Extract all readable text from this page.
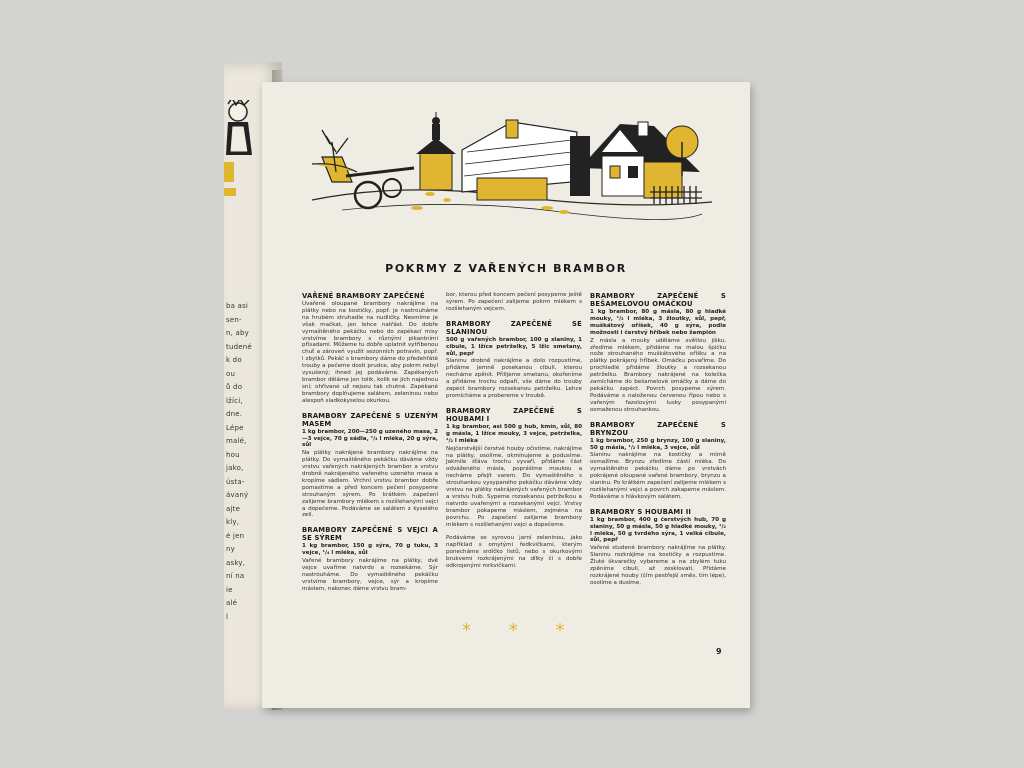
ba asi
sen-
n, aby
tudené
k do
ou
ů do
lžíci,
dne.
Lépe
malé,
hou
jako,
ústa-
ávaný
ajte
kly,
é jen
ny
asky,
ní na
ie
alé
l
POKRMY Z VAŘENÝCH BRAMBOR
VAŘENÉ BRAMBORY ZAPEČENÉ

Uvařené oloupané brambory nakrájíme na plátky nebo na kostičky, popř. je nastrouháme na hrubém struhadle na nudličky. Nesmíme je však mačkat, jen lehce natřást. Do dobře vymaštěného pekáčku nebo do zapékací misy vrstvíme brambory s různými pikantními přísadami. Můžeme tu dobře uplatnit vytříbenou chuť a zároveň využít sezonních potravin, popř. i zbytků. Pekáč s brambory dáme do předehřáté trouby a pečeme dosti prudce, aby pokrm nebyl vysušený; ihned jej podáváme. Zapékaných brambor děláme jen tolik, kolik se jich najednou sní; ohřívané už nejsou tak chutné. Zapékané brambory doplňujeme salátem, zeleninou nebo alespoň sladkokyselou okurkou.

BRAMBORY ZAPEČENÉ S UZENÝM MASEM

1 kg brambor, 200—250 g uzeného masa, 2—3 vejce, 70 g sádla, ¹/₄ l mléka, 20 g sýra, sůl

Na plátky nakrájené brambory nakrájíme na plátky. Do vymaštěného pekáčku dáváme vždy vrstvu vařených nakrájených brambor a vrstvu drobně nakrájeného vařeného uzeného masa a kropíme sádlem. Vrchní vrstvu brambor dobře pomastíme a před koncem pečení posypeme strouhaným sýrem. Po krátkém zapečení zalijeme brambory mlékem s rozšlehanými vejci a dopečeme. Podáváme se salátem z kyselého zelí.

BRAMBORY ZAPEČENÉ S VEJCI A SE SÝREM

1 kg brambor, 150 g sýra, 70 g tuku, 3 vejce, ¹/₄ l mléka, sůl

Vařené brambory nakrájíme na plátky, dvě vejce uvaříme natvrdo a rozsekáme. Sýr nastrouháme. Do vymaštěného pekáčku vrstvíme brambory, vejce, sýr a kropíme máslem, nakonec dáme vrstvu bram-

bor, kterou před koncem pečení posypeme ještě sýrem. Po zapečení zalijeme pokrm mlékem s rozšlehaným vejcem.

BRAMBORY ZAPEČENÉ SE SLANINOU

500 g vařených brambor, 100 g slaniny, 1 cibule, 1 lžíce petrželky, 5 lžic smetany, sůl, pepř

Slaninu drobně nakrájíme a dolo rozpustíme, přidáme jemně posekanou cibuli, kterou necháme zpěnit. Přilijeme smetanu, okořeníme a přidáme trochu odpaří, vše dáme do trouby zapéct brambory rozsekanou petrželku. Lehce promícháme a probereme v troubě.

BRAMBORY ZAPEČENÉ S HOUBAMI I

1 kg brambor, asi 500 g hub, kmín, sůl, 80 g másla, 1 lžíce mouky, 3 vejce, petrželka, ¹/₂ l mléka

Nejčerstvější čerstvé houby očistíme, nakrájíme na plátky, osolíme, okmínujeme a podusíme. Jakmile šťáva trochu vyvaří, přidáme část odváženého másla, poprášíme moukou a necháme přejít varem. Do vymaštěného s strouhankou vysypaného pekáčku dáváme vždy vrstvu na plátky nakrájených vařených brambor a vrstvu hub. Sypeme rozsekanou petrželkou a natvrdo uvařenými a rozsekanými vejci. Vrstvy brambor pokapeme máslem, zejména na povrchu. Po zapečení zalijeme brambory mlékem s rozšlehanými vejci a dopečeme.

Podáváme se syrovou jarní zeleninou, jako například s omytými ředkvičkami, kterým ponecháme srdíčko listů, nebo s okurkovými brukvemi rozkrájenými na dílky či s dobře odkrojenými mrkvičkami.

BRAMBORY ZAPEČENÉ S BEŠAMELOVOU OMÁČKOU

1 kg brambor, 80 g másla, 80 g hladké mouky, ¹/₂ l mléka, 3 žloutky, sůl, pepř, muškátový oříšek, 40 g sýra, podle možnosti i čerstvý hříbek nebo žampión

Z másla a mouky uděláme světlou jíšku, zředíme mlékem, přidáme na malou špičku nože strouhaného muškátového oříšku a na plátky pokrájený hříbek. Omáčku povaříme. Do prochladlé přidáme žloutky a rozsekanou petrželku. Brambory nakrájené na kolečka zamícháme do bešamelové omáčky a dáme do pekáčku zapéct. Povrch posypeme sýrem. Podáváme s naloženou červenou řípou nebo s vařeným fazolovými lusky posypanými osmaženou strouhankou.

BRAMBORY ZAPEČENÉ S BRYNZOU

1 kg brambor, 250 g brynzy, 100 g slaniny, 50 g másla, ¹/₂ l mléka, 3 vejce, sůl

Slaninu nakrájíme na kostičky a mírně osmažíme. Brynzu zředíme částí mléka. Do vymaštěného pekáčku dáme po vrstvách pokrájené oloupané vařené brambory, brynzu a slaninu. Po krátkém zapečení zalijeme mlékem s rozšlehanými vejci a povrch zakapeme máslem. Podáváme s hlávkovým salátem.

BRAMBORY S HOUBAMI II

1 kg brambor, 400 g čerstvých hub, 70 g slaniny, 50 g másla, 50 g hladké mouky, ¹/₂ l mléka, 50 g tvrdého sýra, 1 velká cibule, sůl, pepř

Vařené studené brambory nakrájíme na plátky. Slaninu rozkrájíme na kostičky a rozpustíme. Žluté škvarečky vybereme a na zbylém tuku zpěníme cibuli, až zesklovatí. Přidáme rozkrájené houby (čím pestřejší směs, tím lépe), osolíme a dusíme,

* * *
9
